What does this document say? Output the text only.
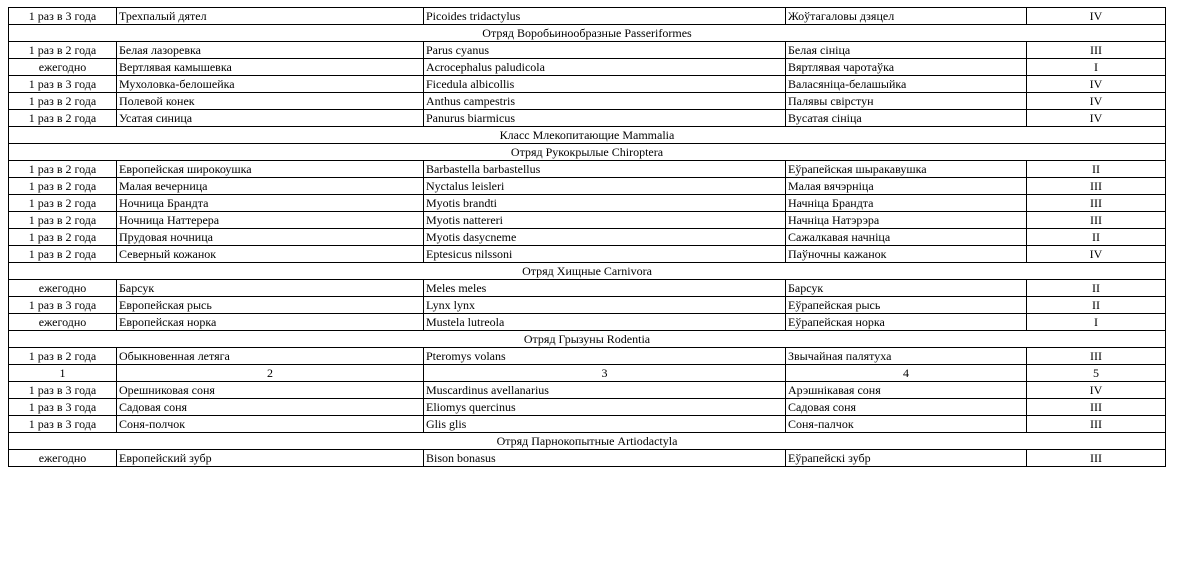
1 раз в 3 года	Трехпалый дятел	Picoides tridactylus	Жоўтагаловы дзяцел	IV
Отряд Воробьинообразные Passeriformes				
1 раз в 2 года	Белая лазоревка	Parus cyanus	Белая сініца	III
ежегодно	Вертлявая камышевка	Acrocephalus paludicola	Вяртлявая чаротаўка	I
1 раз в 3 года	Мухоловка-белошейка	Ficedula albicollis	Валасяніца-белашыйка	IV
1 раз в 2 года	Полевой конек	Anthus campestris	Палявы свірстун	IV
1 раз в 2 года	Усатая синица	Panurus biarmicus	Вусатая сініца	IV
Класс Млекопитающие Mammalia				
Отряд Рукокрылые Chiroptera				
1 раз в 2 года	Европейская широкоушка	Barbastella barbastellus	Еўрапейская шыракавушка	II
1 раз в 2 года	Малая вечерница	Nyctalus leisleri	Малая вячэрніца	III
1 раз в 2 года	Ночница Брандта	Myotis brandti	Начніца Брандта	III
1 раз в 2 года	Ночница Наттерера	Myotis nattereri	Начніца Натэрэра	III
1 раз в 2 года	Прудовая ночница	Myotis dasycneme	Сажалкавая начніца	II
1 раз в 2 года	Северный кожанок	Eptesicus nilssoni	Паўночны кажанок	IV
Отряд Хищные Carnivora				
ежегодно	Барсук	Meles meles	Барсук	II
1 раз в 3 года	Европейская рысь	Lynx lynx	Еўрапейская рысь	II
ежегодно	Европейская норка	Mustela lutreola	Еўрапейская норка	I
Отряд Грызуны Rodentia				
1 раз в 2 года	Обыкновенная летяга	Pteromys volans	Звычайная палятуха	III
1	2	3	4	5
1 раз в 3 года	Орешниковая соня	Muscardinus avellanarius	Арэшнікавая соня	IV
1 раз в 3 года	Садовая соня	Eliomys quercinus	Садовая соня	III
1 раз в 3 года	Соня-полчок	Glis glis	Соня-палчок	III
Отряд Парнокопытные Artiodactyla				
ежегодно	Европейский зубр	Bison bonasus	Еўрапейскі зубр	III
